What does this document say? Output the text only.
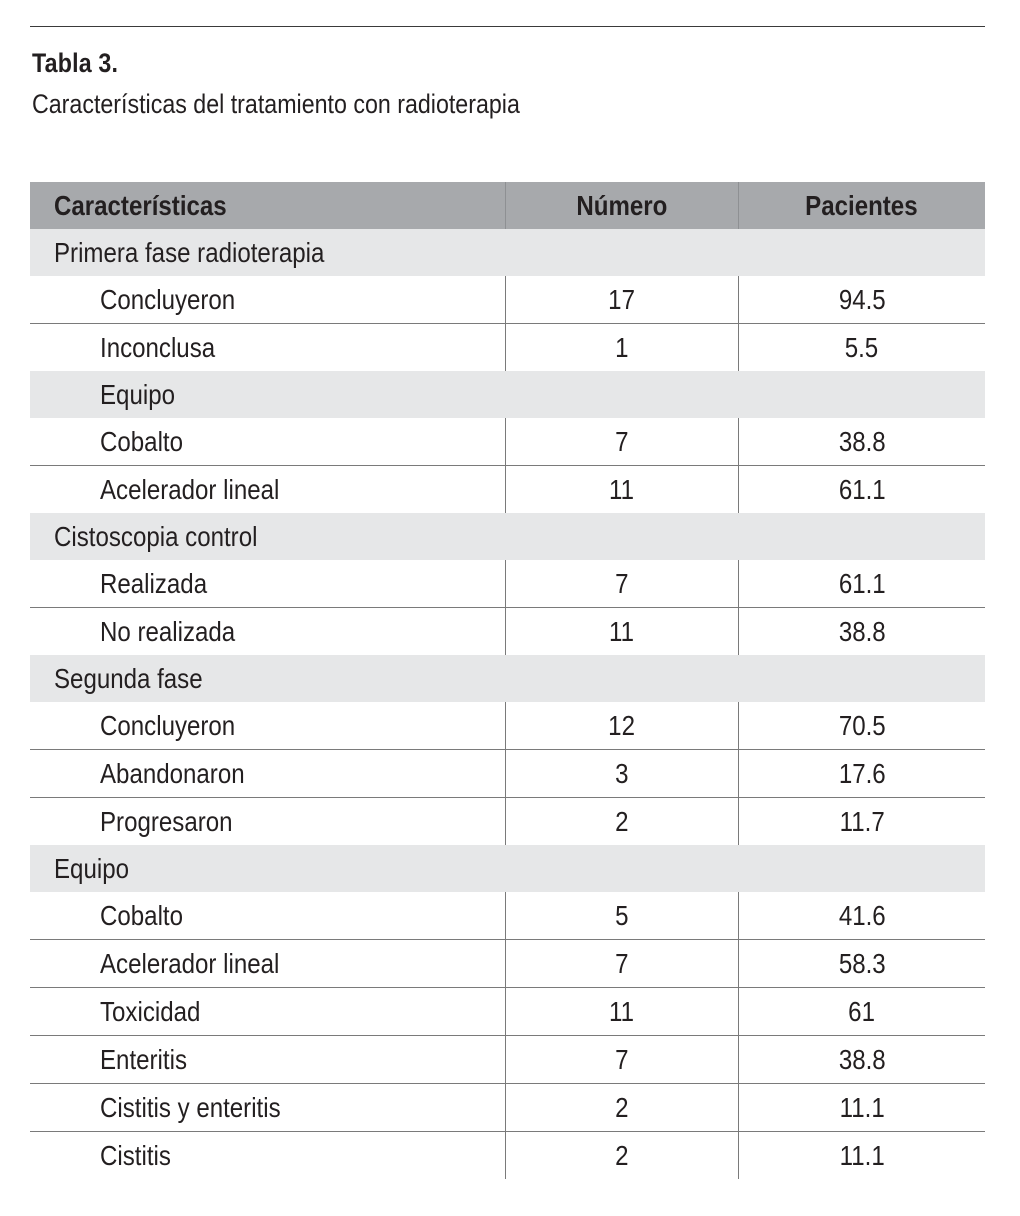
Tabla 3.
Características del tratamiento con radioterapia
Características	Número	Pacientes
Primera fase radioterapia		
Concluyeron	17	94.5
Inconclusa	1	5.5
Equipo		
Cobalto	7	38.8
Acelerador lineal	11	61.1
Cistoscopia control		
Realizada	7	61.1
No realizada	11	38.8
Segunda fase		
Concluyeron	12	70.5
Abandonaron	3	17.6
Progresaron	2	11.7
Equipo		
Cobalto	5	41.6
Acelerador lineal	7	58.3
Toxicidad	11	61
Enteritis	7	38.8
Cistitis y enteritis	2	11.1
Cistitis	2	11.1
